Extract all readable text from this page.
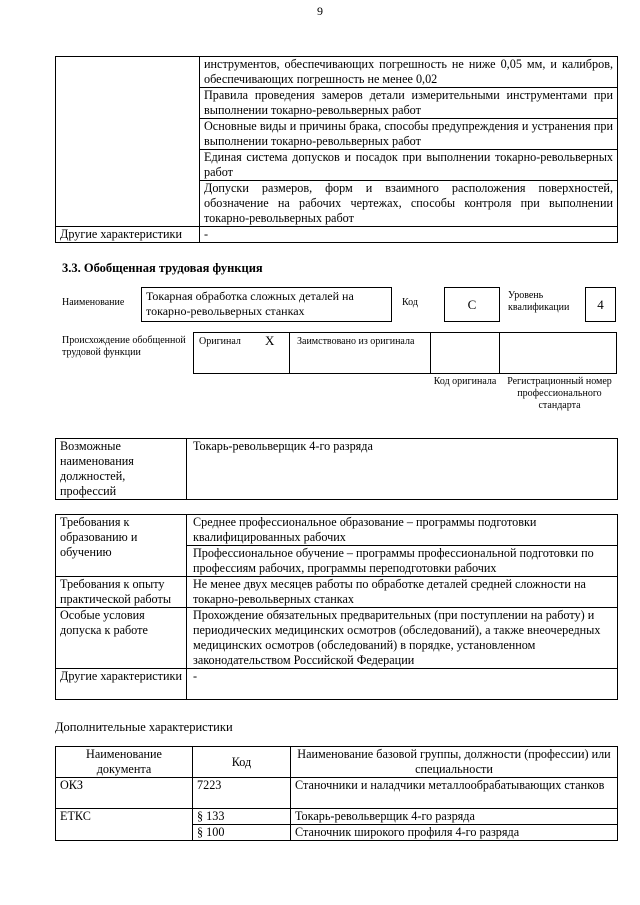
9
	инструментов, обеспечивающих погрешность не ниже 0,05 мм, и калибров, обеспечивающих погрешность не менее 0,02
	Правила проведения замеров детали измерительными инструментами при выполнении токарно-револьверных работ
	Основные виды и причины брака, способы предупреждения и устранения при выполнении токарно-револьверных работ
	Единая система допусков и посадок при выполнении токарно-револьверных работ
	Допуски размеров, форм и взаимного расположения поверхностей, обозначение на рабочих чертежах, способы контроля при выполнении токарно-револьверных работ
Другие характеристики	-
3.3. Обобщенная трудовая функция
Наименование	Токарная обработка сложных деталей на токарно-револьверных станках
Код	C
Уровень квалификации	4
Происхождение обобщенной трудовой функции
Оригинал X Заимствовано из оригинала
Код оригинала	Регистрационный номер профессионального стандарта
Возможные наименования должностей, профессий	Токарь-револьверщик 4-го разряда
Требования к образованию и обучению	Среднее профессиональное образование – программы подготовки квалифицированных рабочих
	Профессиональное обучение – программы профессиональной подготовки по профессиям рабочих, программы переподготовки рабочих
Требования к опыту практической работы	Не менее двух месяцев работы по обработке деталей средней сложности на токарно-револьверных станках
Особые условия допуска к работе	Прохождение обязательных предварительных (при поступлении на работу) и периодических медицинских осмотров (обследований), а также внеочередных медицинских осмотров (обследований) в порядке, установленном законодательством Российской Федерации
Другие характеристики	-
Дополнительные характеристики
Наименование документа	Код	Наименование базовой группы, должности (профессии) или специальности
ОКЗ	7223	Станочники и наладчики металлообрабатывающих станков
ЕТКС	§ 133	Токарь-револьверщик 4-го разряда
	§ 100	Станочник широкого профиля 4-го разряда
